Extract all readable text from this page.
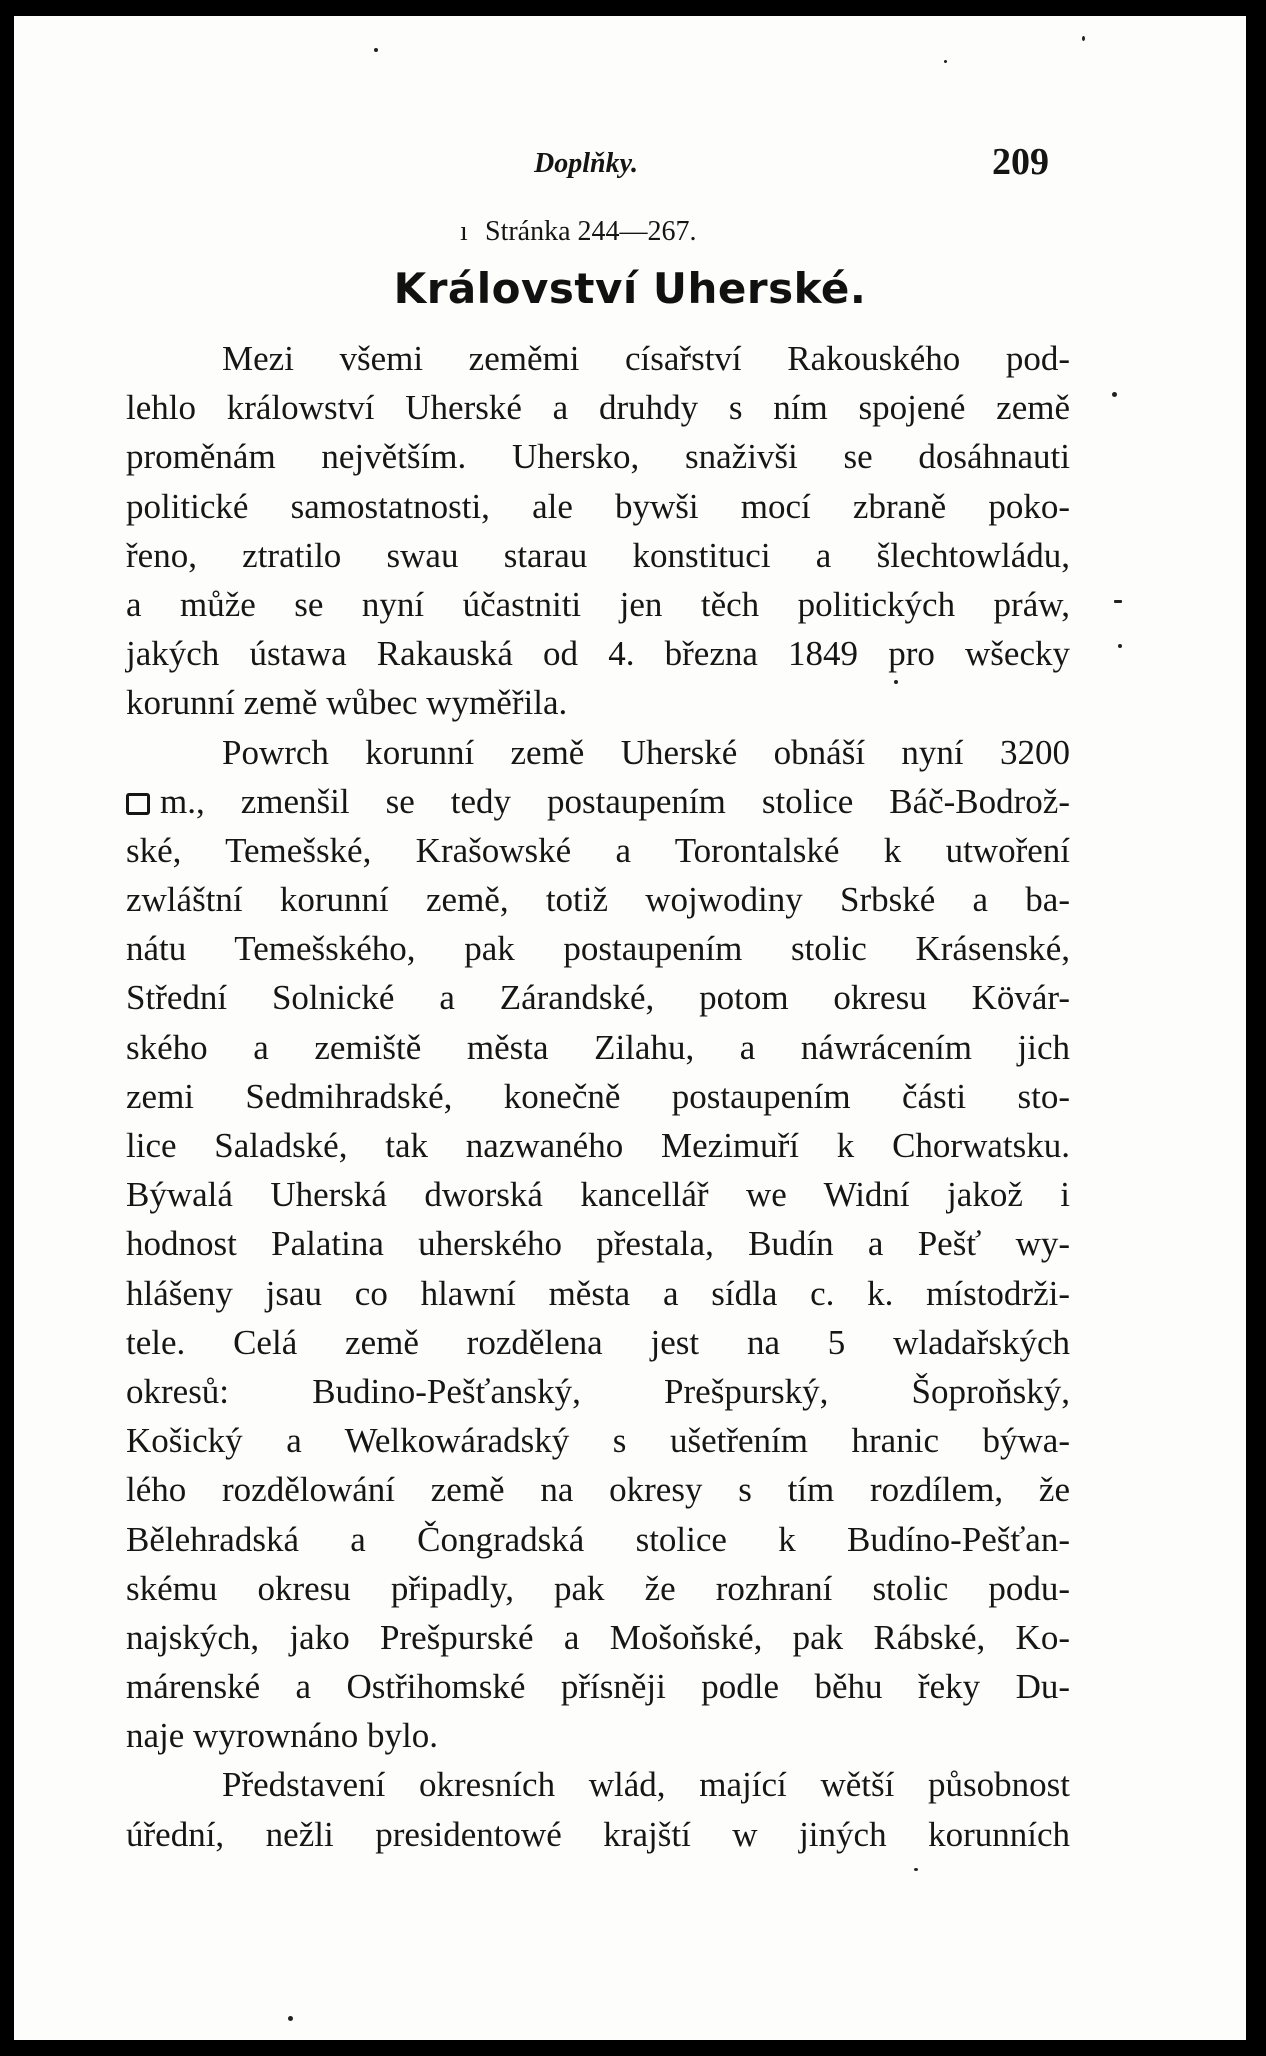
Doplňky.	209
ı Stránka 244—267.
Království Uherské.
Mezi všemi zeměmi císařství Rakouského pod-
lehlo králowství Uherské a druhdy s ním spojené země
proměnám největším. Uhersko, snaživši se dosáhnauti
politické samostatnosti, ale bywši mocí zbraně poko-
řeno, ztratilo swau starau konstituci a šlechtowládu,
a může se nyní účastniti jen těch politických práw,
jakých ústawa Rakauská od 4. března 1849 pro wšecky
korunní země wůbec wyměřila.
Powrch korunní země Uherské obnáší nyní 3200
m., zmenšil se tedy postaupením stolice Báč-Bodrož-
ské, Temešské, Krašowské a Torontalské k utwoření
zwláštní korunní země, totiž wojwodiny Srbské a ba-
nátu Temešského, pak postaupením stolic Krásenské,
Střední Solnické a Zárandské, potom okresu Kövár-
ského a zemiště města Zilahu, a náwrácením jich
zemi Sedmihradské, konečně postaupením části sto-
lice Saladské, tak nazwaného Mezimuří k Chorwatsku.
Býwalá Uherská dworská kancellář we Widní jakož i
hodnost Palatina uherského přestala, Budín a Pešť wy-
hlášeny jsau co hlawní města a sídla c. k. místodrži-
tele. Celá země rozdělena jest na 5 wladařských
okresů: Budino-Pešťanský, Prešpurský, Šoproňský,
Košický a Welkowáradský s ušetřením hranic býwa-
lého rozdělowání země na okresy s tím rozdílem, že
Bělehradská a Čongradská stolice k Budíno-Pešťan-
skému okresu připadly, pak že rozhraní stolic podu-
najských, jako Prešpurské a Mošoňské, pak Rábské, Ko-
márenské a Ostřihomské přísněji podle běhu řeky Du-
naje wyrownáno bylo.
Představení okresních wlád, mající wětší působnost
úřední, nežli presidentowé krajští w jiných korunních
